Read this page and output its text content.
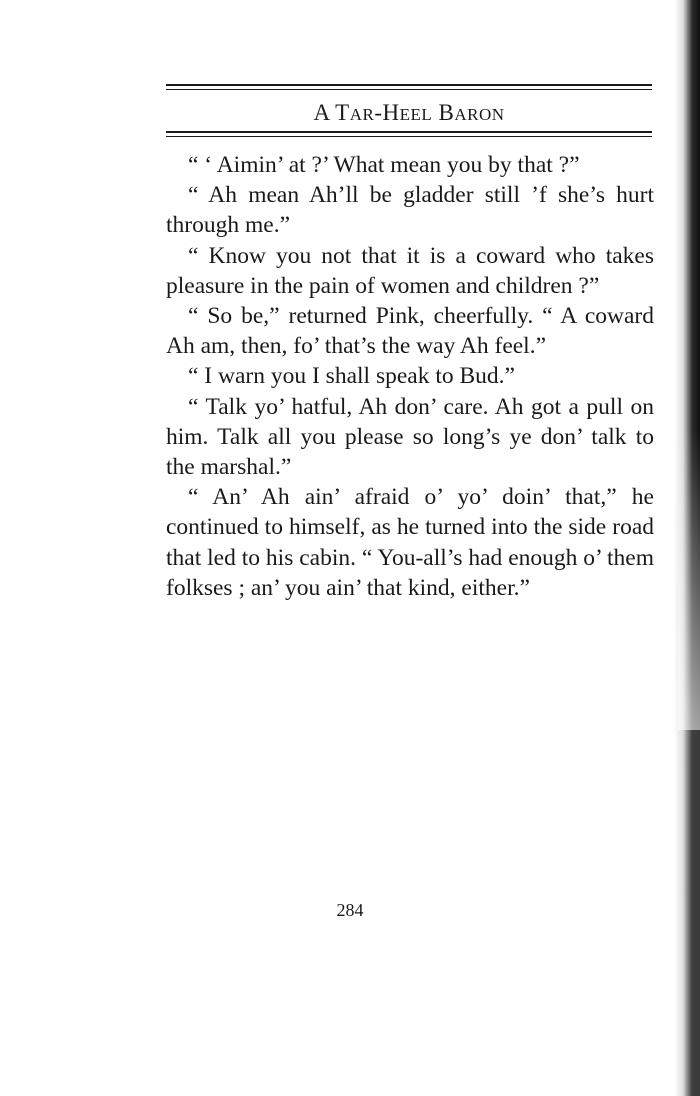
A TAR-HEEL BARON

“ ‘ Aimin’ at ?’ What mean you by that ?”

“ Ah mean Ah’ll be gladder still ’f she’s hurt through me.”

“ Know you not that it is a coward who takes pleasure in the pain of women and children ?”

“ So be,” returned Pink, cheerfully. “ A coward Ah am, then, fo’ that’s the way Ah feel.”

“ I warn you I shall speak to Bud.”

“ Talk yo’ hatful, Ah don’ care. Ah got a pull on him. Talk all you please so long’s ye don’ talk to the marshal.”

“ An’ Ah ain’ afraid o’ yo’ doin’ that,” he continued to himself, as he turned into the side road that led to his cabin. “ You-all’s had enough o’ them folkses ; an’ you ain’ that kind, either.”

284
